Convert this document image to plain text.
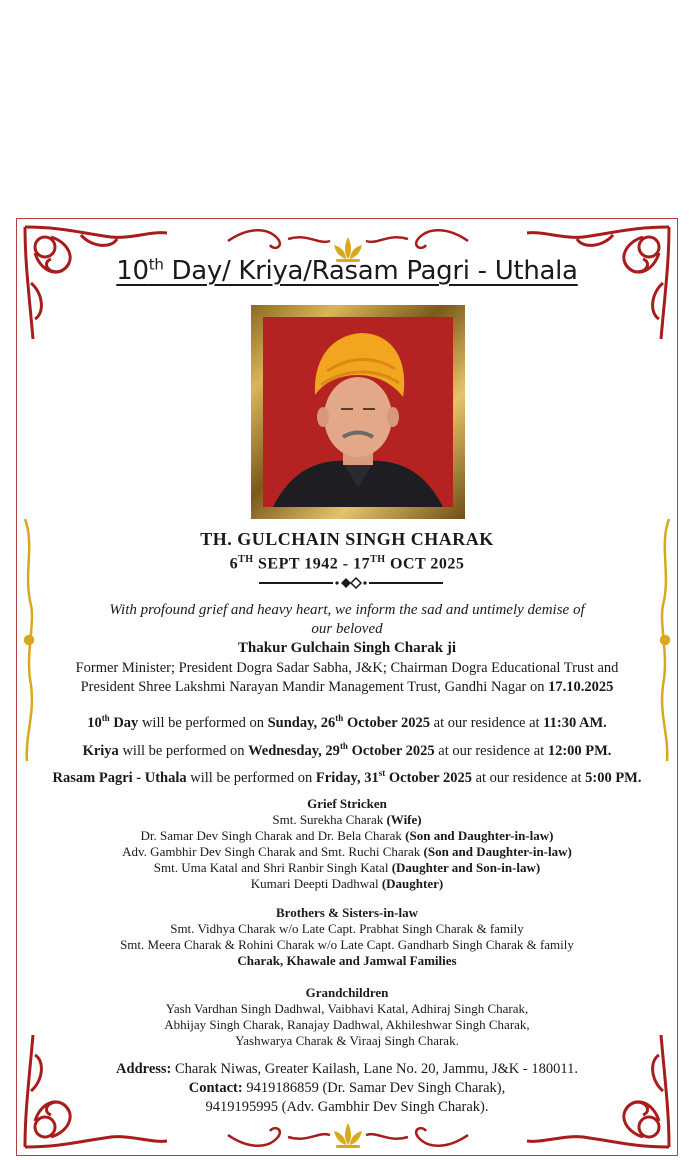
10th Day/ Kriya/Rasam Pagri - Uthala
TH. GULCHAIN SINGH CHARAK
6TH SEPT 1942 - 17TH OCT 2025
With profound grief and heavy heart, we inform the sad and untimely demise of
our beloved
Thakur Gulchain Singh Charak ji
Former Minister; President Dogra Sadar Sabha, J&K; Chairman Dogra Educational Trust and
President Shree Lakshmi Narayan Mandir Management Trust, Gandhi Nagar on 17.10.2025
10th Day will be performed on Sunday, 26th October 2025 at our residence at 11:30 AM.
Kriya will be performed on Wednesday, 29th October 2025 at our residence at 12:00 PM.
Rasam Pagri - Uthala will be performed on Friday, 31st October 2025 at our residence at 5:00 PM.
Grief Stricken
Smt. Surekha Charak (Wife)
Dr. Samar Dev Singh Charak and Dr. Bela Charak (Son and Daughter-in-law)
Adv. Gambhir Dev Singh Charak and Smt. Ruchi Charak (Son and Daughter-in-law)
Smt. Uma Katal and Shri Ranbir Singh Katal (Daughter and Son-in-law)
Kumari Deepti Dadhwal (Daughter)
Brothers & Sisters-in-law
Smt. Vidhya Charak w/o Late Capt. Prabhat Singh Charak & family
Smt. Meera Charak & Rohini Charak w/o Late Capt. Gandharb Singh Charak & family
Charak, Khawale and Jamwal Families
Grandchildren
Yash Vardhan Singh Dadhwal, Vaibhavi Katal, Adhiraj Singh Charak,
Abhijay Singh Charak, Ranajay Dadhwal, Akhileshwar Singh Charak,
Yashwarya Charak & Viraaj Singh Charak.
Address: Charak Niwas, Greater Kailash, Lane No. 20, Jammu, J&K - 180011.
Contact: 9419186859 (Dr. Samar Dev Singh Charak),
9419195995 (Adv. Gambhir Dev Singh Charak).
